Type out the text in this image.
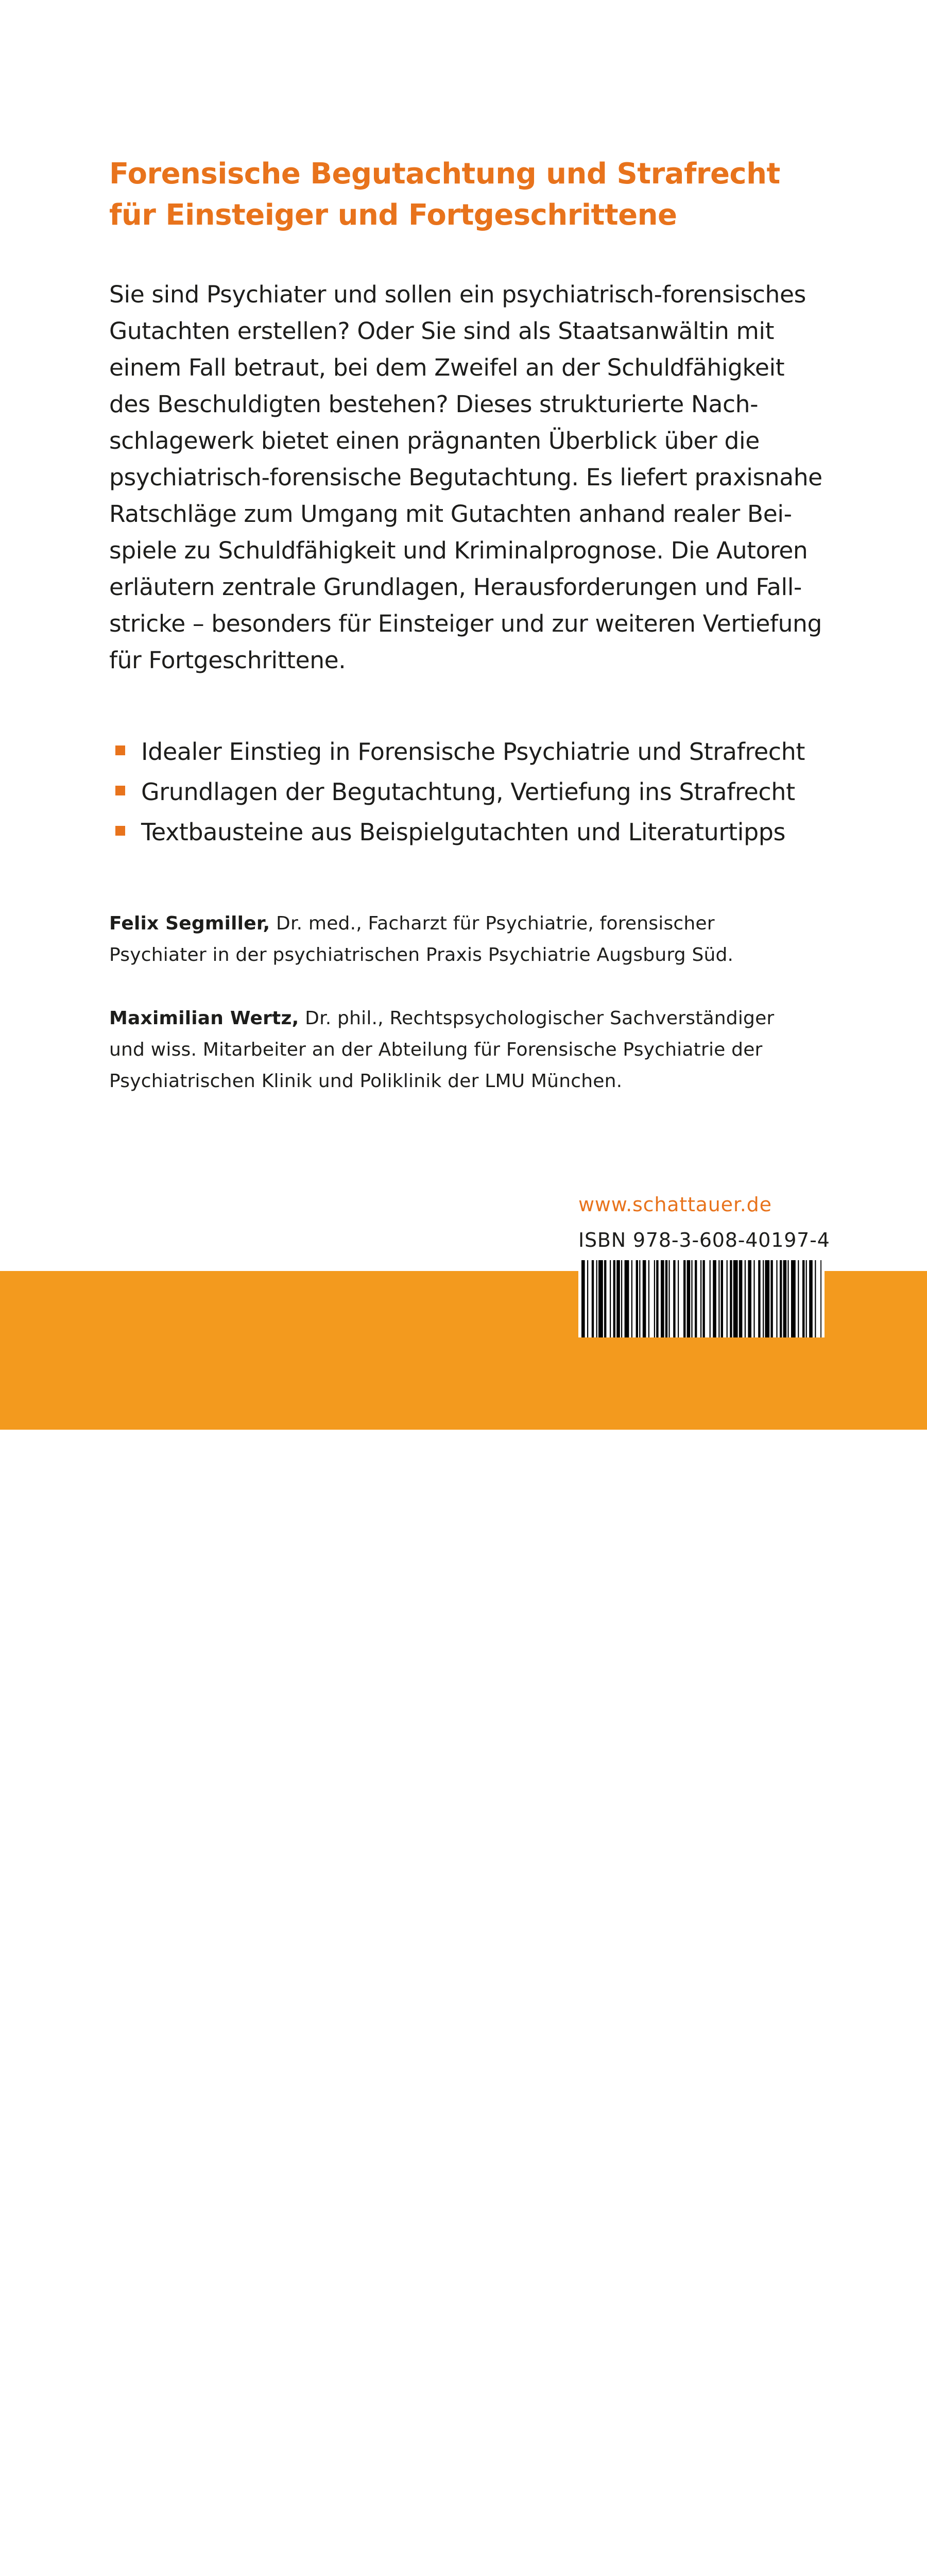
Forensische Begutachtung und Strafrecht
für Einsteiger und Fortgeschrittene

Sie sind Psychiater und sollen ein psychiatrisch-forensisches
Gutachten erstellen? Oder Sie sind als Staatsanwältin mit
einem Fall betraut, bei dem Zweifel an der Schuldfähigkeit
des Beschuldigten bestehen? Dieses strukturierte Nach-
schlagewerk bietet einen prägnanten Überblick über die
psychiatrisch-forensische Begutachtung. Es liefert praxisnahe
Ratschläge zum Umgang mit Gutachten anhand realer Bei-
spiele zu Schuldfähigkeit und Kriminalprognose. Die Autoren
erläutern zentrale Grundlagen, Herausforderungen und Fall-
stricke – besonders für Einsteiger und zur weiteren Vertiefung
für Fortgeschrittene.

Idealer Einstieg in Forensische Psychiatrie und Strafrecht
Grundlagen der Begutachtung, Vertiefung ins Strafrecht
Textbausteine aus Beispielgutachten und Literaturtipps

Felix Segmiller, Dr. med., Facharzt für Psychiatrie, forensischer
Psychiater in der psychiatrischen Praxis Psychiatrie Augsburg Süd.

Maximilian Wertz, Dr. phil., Rechtspsychologischer Sachverständiger
und wiss. Mitarbeiter an der Abteilung für Forensische Psychiatrie der
Psychiatrischen Klinik und Poliklinik der LMU München.

www.schattauer.de
ISBN 978-3-608-40197-4
